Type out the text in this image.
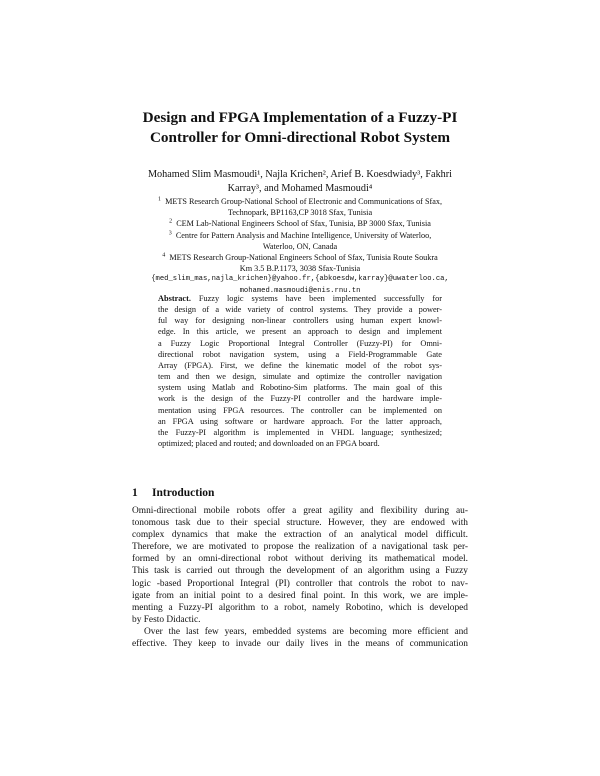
Design and FPGA Implementation of a Fuzzy-PI
Controller for Omni-directional Robot System
Mohamed Slim Masmoudi¹, Najla Krichen², Arief B. Koesdwiady³, Fakhri
Karray³, and Mohamed Masmoudi⁴
$^1$ METS Research Group-National School of Electronic and Communications of Sfax,
Technopark, BP1163,CP 3018 Sfax, Tunisia
$^2$ CEM Lab-National Engineers School of Sfax, Tunisia, BP 3000 Sfax, Tunisia
$^3$ Centre for Pattern Analysis and Machine Intelligence, University of Waterloo,
Waterloo, ON, Canada
$^4$ METS Research Group-National Engineers School of Sfax, Tunisia Route Soukra
Km 3.5 B.P.1173, 3038 Sfax-Tunisia
{med_slim_mas,najla_krichen}@yahoo.fr,{abkoesdw,karray}@uwaterloo.ca,
mohamed.masmoudi@enis.rnu.tn
Abstract. Fuzzy logic systems have been implemented successfully for
the design of a wide variety of control systems. They provide a power-
ful way for designing non-linear controllers using human expert knowl-
edge. In this article, we present an approach to design and implement
a Fuzzy Logic Proportional Integral Controller (Fuzzy-PI) for Omni-
directional robot navigation system, using a Field-Programmable Gate
Array (FPGA). First, we define the kinematic model of the robot sys-
tem and then we design, simulate and optimize the controller navigation
system using Matlab and Robotino-Sim platforms. The main goal of this
work is the design of the Fuzzy-PI controller and the hardware imple-
mentation using FPGA resources. The controller can be implemented on
an FPGA using software or hardware approach. For the latter approach,
the Fuzzy-PI algorithm is implemented in VHDL language; synthesized;
optimized; placed and routed; and downloaded on an FPGA board.
1 Introduction
Omni-directional mobile robots offer a great agility and flexibility during au-
tonomous task due to their special structure. However, they are endowed with
complex dynamics that make the extraction of an analytical model difficult.
Therefore, we are motivated to propose the realization of a navigational task per-
formed by an omni-directional robot without deriving its mathematical model.
This task is carried out through the development of an algorithm using a Fuzzy
logic -based Proportional Integral (PI) controller that controls the robot to nav-
igate from an initial point to a desired final point. In this work, we are imple-
menting a Fuzzy-PI algorithm to a robot, namely Robotino, which is developed
by Festo Didactic.
Over the last few years, embedded systems are becoming more efficient and
effective. They keep to invade our daily lives in the means of communication
